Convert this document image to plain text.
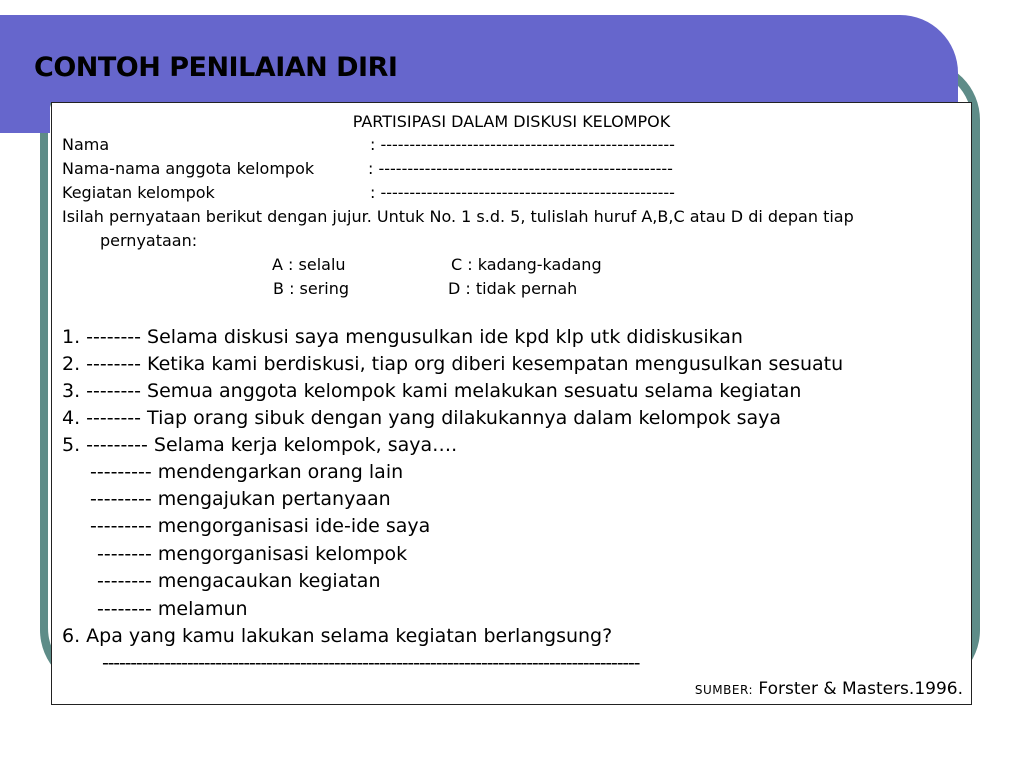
CONTOH PENILAIAN DIRI
PARTISIPASI DALAM DISKUSI KELOMPOK
Nama	: ---------------------------------------------------
Nama-nama anggota kelompok	: ---------------------------------------------------
Kegiatan kelompok	: ---------------------------------------------------
Isilah pernyataan berikut dengan jujur. Untuk No. 1 s.d. 5, tulislah huruf A,B,C atau D di depan tiap
pernyataan:
A : selalu	C : kadang-kadang
B : sering	D : tidak pernah
1. -------- Selama diskusi saya mengusulkan ide kpd klp utk didiskusikan
2. -------- Ketika kami berdiskusi, tiap org diberi kesempatan mengusulkan sesuatu
3. -------- Semua anggota kelompok kami melakukan sesuatu selama kegiatan
4. -------- Tiap orang sibuk dengan yang dilakukannya dalam kelompok saya
5. --------- Selama kerja kelompok, saya….
--------- mendengarkan orang lain
--------- mengajukan pertanyaan
--------- mengorganisasi ide-ide saya
-------- mengorganisasi kelompok
-------- mengacaukan kegiatan
-------- melamun
6. Apa yang kamu lakukan selama kegiatan berlangsung?
-----------------------------------------------------------------------------------------------
SUMBER: Forster & Masters.1996.
